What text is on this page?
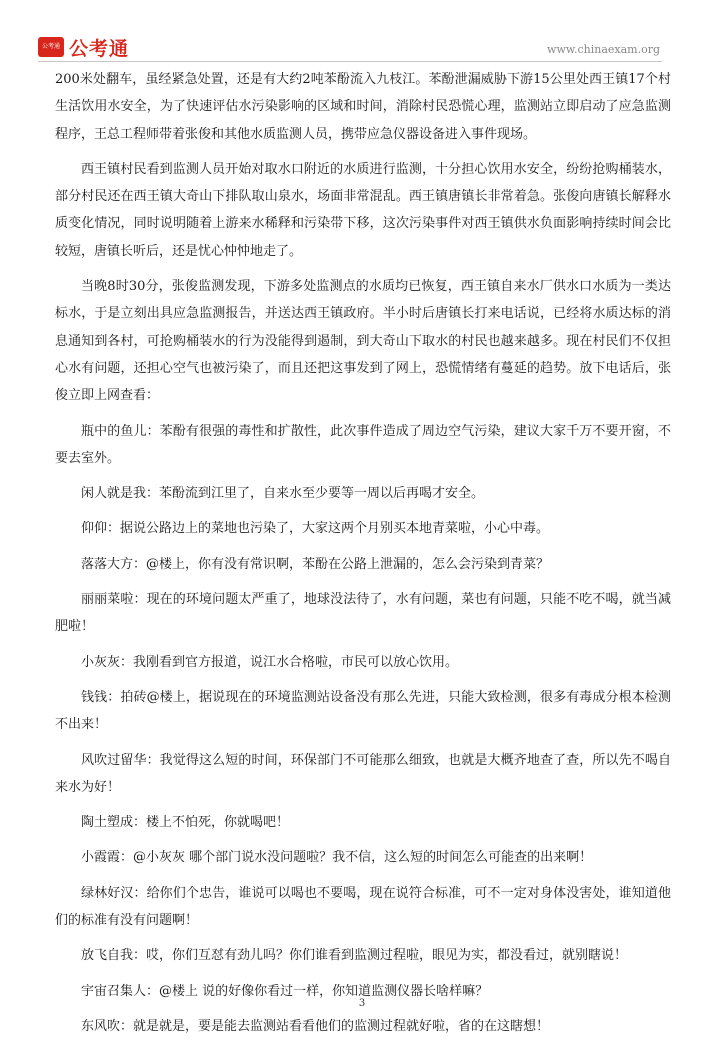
公考通 公考通	www.chinaexam.org

200米处翻车，虽经紧急处置，还是有大约2吨苯酚流入九枝江。苯酚泄漏威胁下游15公里处西王镇17个村生活饮用水安全，为了快速评估水污染影响的区域和时间，消除村民恐慌心理，监测站立即启动了应急监测程序，王总工程师带着张俊和其他水质监测人员，携带应急仪器设备进入事件现场。

西王镇村民看到监测人员开始对取水口附近的水质进行监测，十分担心饮用水安全，纷纷抢购桶装水，部分村民还在西王镇大奇山下排队取山泉水，场面非常混乱。西王镇唐镇长非常着急。张俊向唐镇长解释水质变化情况，同时说明随着上游来水稀释和污染带下移，这次污染事件对西王镇供水负面影响持续时间会比较短，唐镇长听后，还是忧心忡忡地走了。

当晚8时30分，张俊监测发现，下游多处监测点的水质均已恢复，西王镇自来水厂供水口水质为一类达标水，于是立刻出具应急监测报告，并送达西王镇政府。半小时后唐镇长打来电话说，已经将水质达标的消息通知到各村，可抢购桶装水的行为没能得到遏制，到大奇山下取水的村民也越来越多。现在村民们不仅担心水有问题，还担心空气也被污染了，而且还把这事发到了网上，恐慌情绪有蔓延的趋势。放下电话后，张俊立即上网查看：

瓶中的鱼儿：苯酚有很强的毒性和扩散性，此次事件造成了周边空气污染，建议大家千万不要开窗，不要去室外。

闲人就是我：苯酚流到江里了，自来水至少要等一周以后再喝才安全。

仰仰：据说公路边上的菜地也污染了，大家这两个月别买本地青菜啦，小心中毒。

落落大方：@楼上，你有没有常识啊，苯酚在公路上泄漏的，怎么会污染到青菜？

丽丽菜啦：现在的环境问题太严重了，地球没法待了，水有问题，菜也有问题，只能不吃不喝，就当减肥啦！

小灰灰：我刚看到官方报道，说江水合格啦，市民可以放心饮用。

钱钱：拍砖@楼上，据说现在的环境监测站设备没有那么先进，只能大致检测，很多有毒成分根本检测不出来！

风吹过留华：我觉得这么短的时间，环保部门不可能那么细致，也就是大概齐地查了查，所以先不喝自来水为好！

陶土塑成：楼上不怕死，你就喝吧！

小霞霞：@小灰灰 哪个部门说水没问题啦？我不信，这么短的时间怎么可能查的出来啊！

绿林好汉：给你们个忠告，谁说可以喝也不要喝，现在说符合标准，可不一定对身体没害处，谁知道他们的标准有没有问题啊！

放飞自我：哎，你们互怼有劲儿吗？你们谁看到监测过程啦，眼见为实，都没看过，就别瞎说！

宇宙召集人：@楼上 说的好像你看过一样，你知道监测仪器长啥样嘛？

东风吹：就是就是，要是能去监测站看看他们的监测过程就好啦，省的在这瞎想！

3
